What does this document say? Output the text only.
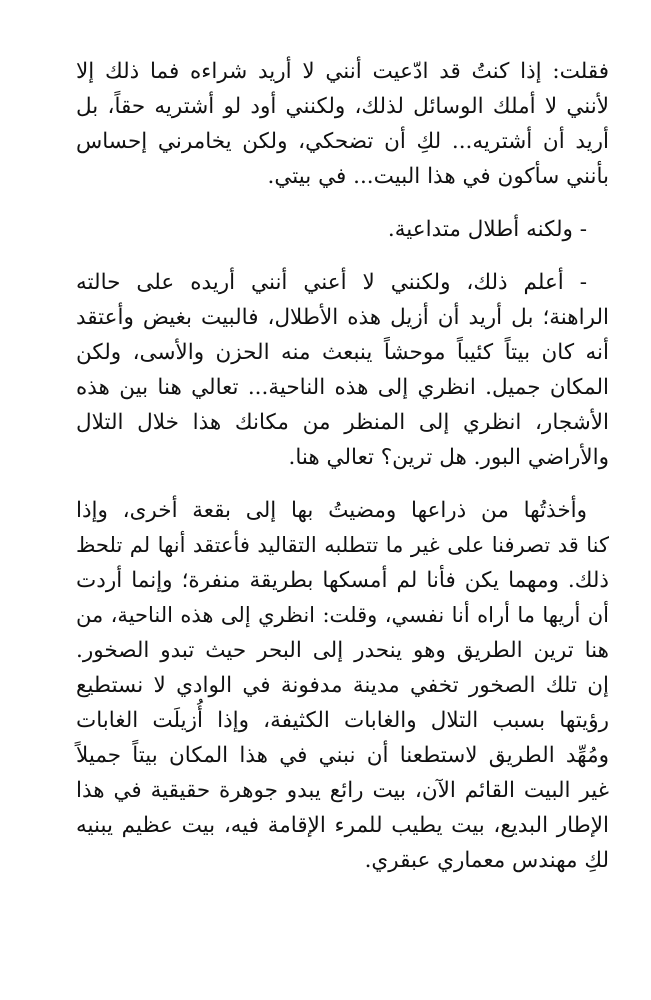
فقلت: إذا كنتُ قد ادّعيت أنني لا أريد شراءه فما ذلك إلا
لأنني لا أملك الوسائل لذلك، ولكنني أود لو أشتريه حقاً، بل
أريد أن أشتريه... لكِ أن تضحكي، ولكن يخامرني إحساس
بأنني سأكون في هذا البيت... في بيتي.
- ولكنه أطلال متداعية.
- أعلم ذلك، ولكنني لا أعني أنني أريده على حالته
الراهنة؛ بل أريد أن أزيل هذه الأطلال، فالبيت بغيض وأعتقد
أنه كان بيتاً كئيباً موحشاً ينبعث منه الحزن والأسى، ولكن
المكان جميل. انظري إلى هذه الناحية... تعالي هنا بين هذه
الأشجار، انظري إلى المنظر من مكانك هذا خلال التلال
والأراضي البور. هل ترين؟ تعالي هنا.
وأخذتُها من ذراعها ومضيتُ بها إلى بقعة أخرى، وإذا
كنا قد تصرفنا على غير ما تتطلبه التقاليد فأعتقد أنها لم تلحظ
ذلك. ومهما يكن فأنا لم أمسكها بطريقة منفرة؛ وإنما أردت
أن أريها ما أراه أنا نفسي، وقلت: انظري إلى هذه الناحية، من
هنا ترين الطريق وهو ينحدر إلى البحر حيث تبدو الصخور.
إن تلك الصخور تخفي مدينة مدفونة في الوادي لا نستطيع
رؤيتها بسبب التلال والغابات الكثيفة، وإذا أُزيلَت الغابات
ومُهِّد الطريق لاستطعنا أن نبني في هذا المكان بيتاً جميلاً
غير البيت القائم الآن، بيت رائع يبدو جوهرة حقيقية في هذا
الإطار البديع، بيت يطيب للمرء الإقامة فيه، بيت عظيم يبنيه
لكِ مهندس معماري عبقري.
